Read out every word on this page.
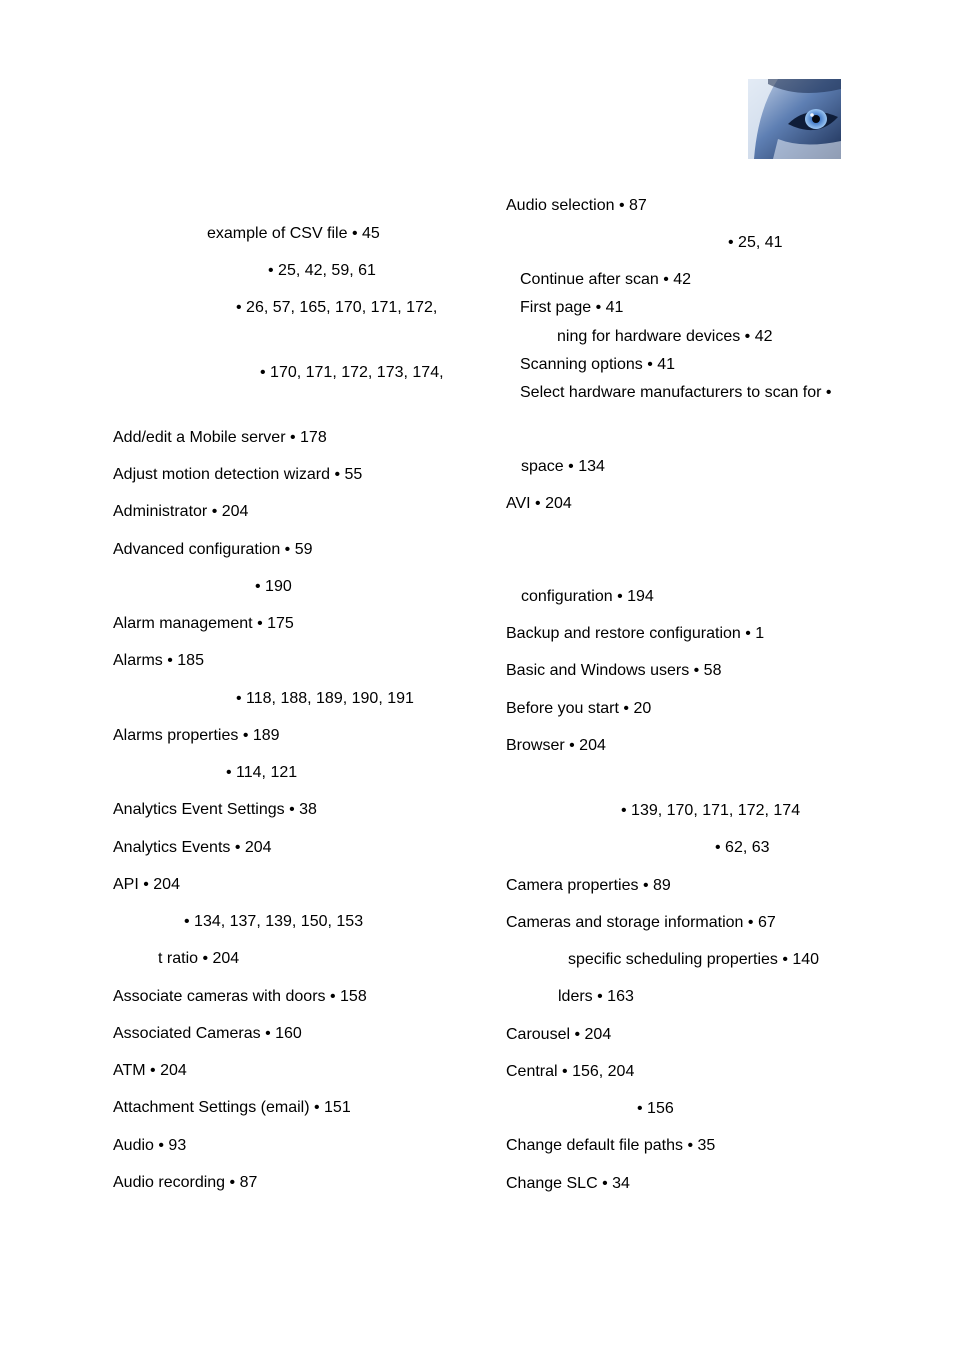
example of CSV file • 45
• 25, 42, 59, 61
• 26, 57, 165, 170, 171, 172,
• 170, 171, 172, 173, 174,
Add/edit a Mobile server • 178
Adjust motion detection wizard • 55
Administrator • 204
Advanced configuration • 59
• 190
Alarm management • 175
Alarms • 185
• 118, 188, 189, 190, 191
Alarms properties • 189
• 114, 121
Analytics Event Settings • 38
Analytics Events • 204
API • 204
• 134, 137, 139, 150, 153
t ratio • 204
Associate cameras with doors • 158
Associated Cameras • 160
ATM • 204
Attachment Settings (email) • 151
Audio • 93
Audio recording • 87
Audio selection • 87
• 25, 41
Continue after scan • 42
First page • 41
ning for hardware devices • 42
Scanning options • 41
Select hardware manufacturers to scan for •
space • 134
AVI • 204
configuration • 194
Backup and restore configuration • 1
Basic and Windows users • 58
Before you start • 20
Browser • 204
• 139, 170, 171, 172, 174
• 62, 63
Camera properties • 89
Cameras and storage information • 67
specific scheduling properties • 140
lders • 163
Carousel • 204
Central • 156, 204
• 156
Change default file paths • 35
Change SLC • 34
